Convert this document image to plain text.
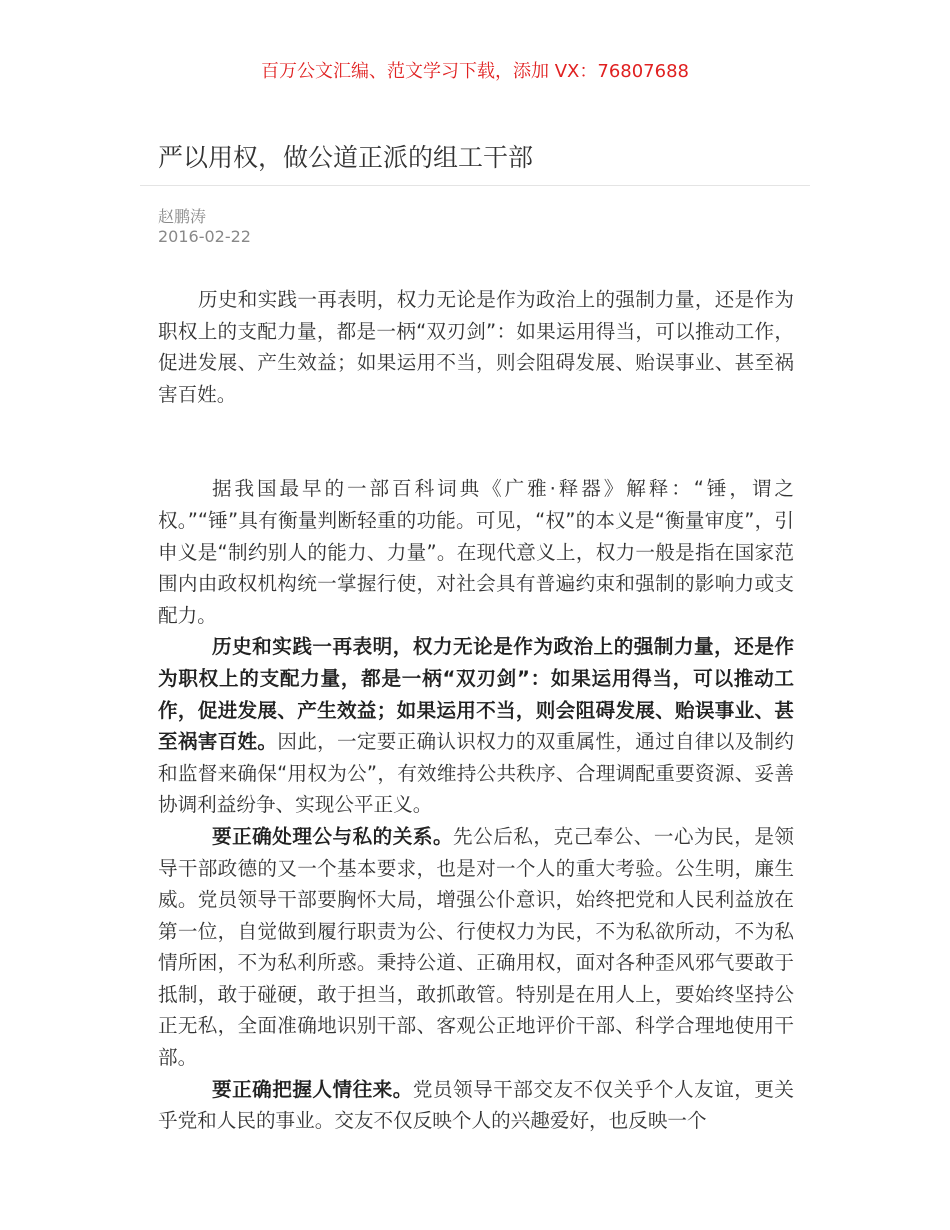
百万公文汇编、范文学习下载，添加 VX：76807688
严以用权，做公道正派的组工干部
赵鹏涛
2016-02-22

历史和实践一再表明，权力无论是作为政治上的强制力量，还是作为职权上的支配力量，都是一柄“双刃剑”：如果运用得当，可以推动工作，促进发展、产生效益；如果运用不当，则会阻碍发展、贻误事业、甚至祸害百姓。

据我国最早的一部百科词典《广雅·释器》解释：“锤，谓之权。”“锤”具有衡量判断轻重的功能。可见，“权”的本义是“衡量审度”，引申义是“制约别人的能力、力量”。在现代意义上，权力一般是指在国家范围内由政权机构统一掌握行使，对社会具有普遍约束和强制的影响力或支配力。

历史和实践一再表明，权力无论是作为政治上的强制力量，还是作为职权上的支配力量，都是一柄“双刃剑”：如果运用得当，可以推动工作，促进发展、产生效益；如果运用不当，则会阻碍发展、贻误事业、甚至祸害百姓。因此，一定要正确认识权力的双重属性，通过自律以及制约和监督来确保“用权为公”，有效维持公共秩序、合理调配重要资源、妥善协调利益纷争、实现公平正义。

要正确处理公与私的关系。先公后私，克己奉公、一心为民，是领导干部政德的又一个基本要求，也是对一个人的重大考验。公生明，廉生威。党员领导干部要胸怀大局，增强公仆意识，始终把党和人民利益放在第一位，自觉做到履行职责为公、行使权力为民，不为私欲所动，不为私情所困，不为私利所惑。秉持公道、正确用权，面对各种歪风邪气要敢于抵制，敢于碰硬，敢于担当，敢抓敢管。特别是在用人上，要始终坚持公正无私，全面准确地识别干部、客观公正地评价干部、科学合理地使用干部。

要正确把握人情往来。党员领导干部交友不仅关乎个人友谊，更关乎党和人民的事业。交友不仅反映个人的兴趣爱好，也反映一个
